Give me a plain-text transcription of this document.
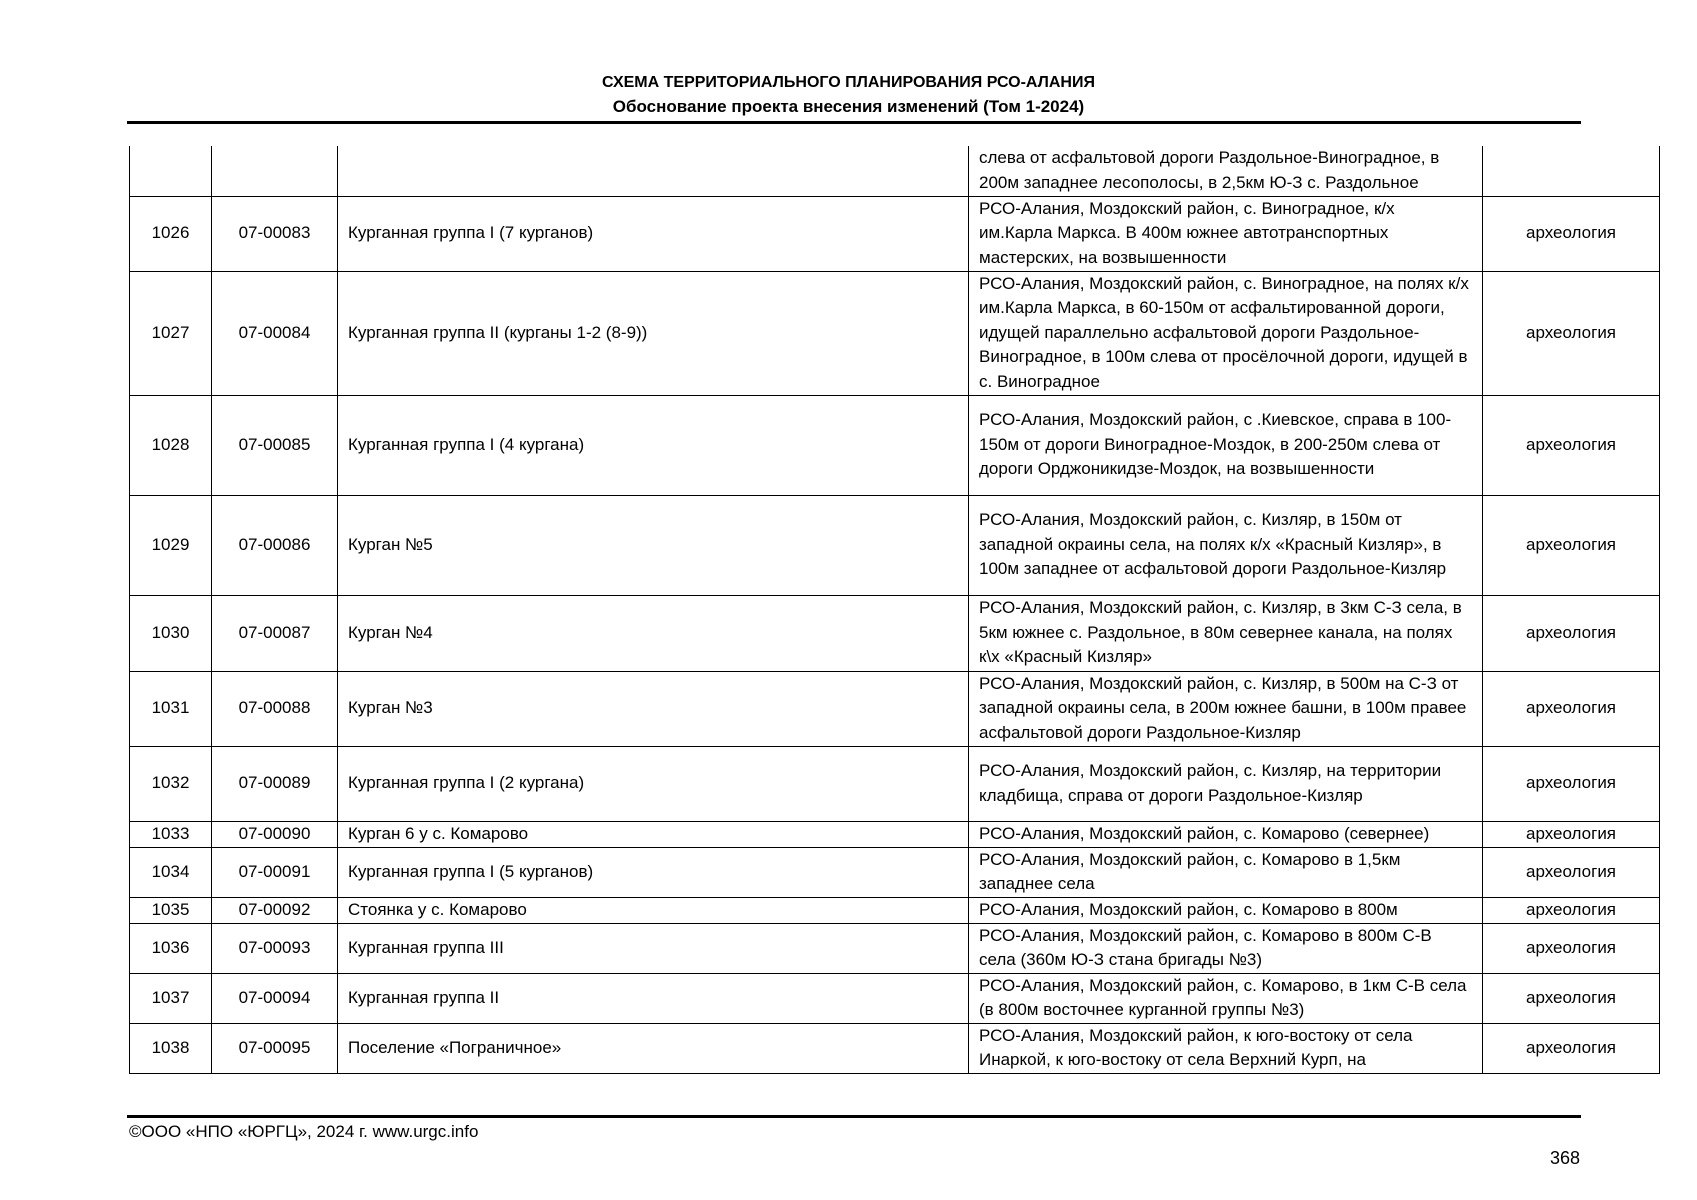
СХЕМА ТЕРРИТОРИАЛЬНОГО ПЛАНИРОВАНИЯ РСО-АЛАНИЯ
Обоснование проекта внесения изменений (Том 1-2024)
			слева от асфальтовой дороги Раздольное-Виноградное, в 200м западнее лесополосы, в 2,5км Ю-З с. Раздольное	
1026	07-00083	Курганная группа I (7 курганов)	РСО-Алания, Моздокский район, с. Виноградное, к/х им.Карла Маркса. В 400м южнее автотранспортных мастерских, на возвышенности	археология
1027	07-00084	Курганная группа II (курганы 1-2 (8-9))	РСО-Алания, Моздокский район, с. Виноградное, на полях к/х им.Карла Маркса, в 60-150м от асфальтированной дороги, идущей параллельно асфальтовой дороги Раздольное-Виноградное, в 100м слева от просёлочной дороги, идущей в с. Виноградное	археология
1028	07-00085	Курганная группа I (4 кургана)	РСО-Алания, Моздокский район, с .Киевское, справа в 100-150м от дороги Виноградное-Моздок, в 200-250м слева от дороги Орджоникидзе-Моздок, на возвышенности	археология
1029	07-00086	Курган №5	РСО-Алания, Моздокский район, с. Кизляр, в 150м от западной окраины села, на полях к/х «Красный Кизляр», в 100м западнее от асфальтовой дороги Раздольное-Кизляр	археология
1030	07-00087	Курган №4	РСО-Алания, Моздокский район, с. Кизляр, в 3км С-З села, в 5км южнее с. Раздольное, в 80м севернее канала, на полях к\х «Красный Кизляр»	археология
1031	07-00088	Курган №3	РСО-Алания, Моздокский район, с. Кизляр, в 500м на С-З от западной окраины села, в 200м южнее башни, в 100м правее асфальтовой дороги Раздольное-Кизляр	археология
1032	07-00089	Курганная группа I (2 кургана)	РСО-Алания, Моздокский район, с. Кизляр, на территории кладбища, справа от дороги Раздольное-Кизляр	археология
1033	07-00090	Курган 6 у с. Комарово	РСО-Алания, Моздокский район, с. Комарово (севернее)	археология
1034	07-00091	Курганная группа I (5 курганов)	РСО-Алания, Моздокский район, с. Комарово в 1,5км западнее села	археология
1035	07-00092	Стоянка у с. Комарово	РСО-Алания, Моздокский район, с. Комарово в 800м	археология
1036	07-00093	Курганная группа III	РСО-Алания, Моздокский район, с. Комарово в 800м С-В села (360м Ю-З стана бригады №3)	археология
1037	07-00094	Курганная группа II	РСО-Алания, Моздокский район, с. Комарово, в 1км С-В села (в 800м восточнее курганной группы №3)	археология
1038	07-00095	Поселение «Пограничное»	РСО-Алания, Моздокский район, к юго-востоку от села Инаркой, к юго-востоку от села Верхний Курп, на	археология
©ООО «НПО «ЮРГЦ», 2024 г. www.urgc.info
368
